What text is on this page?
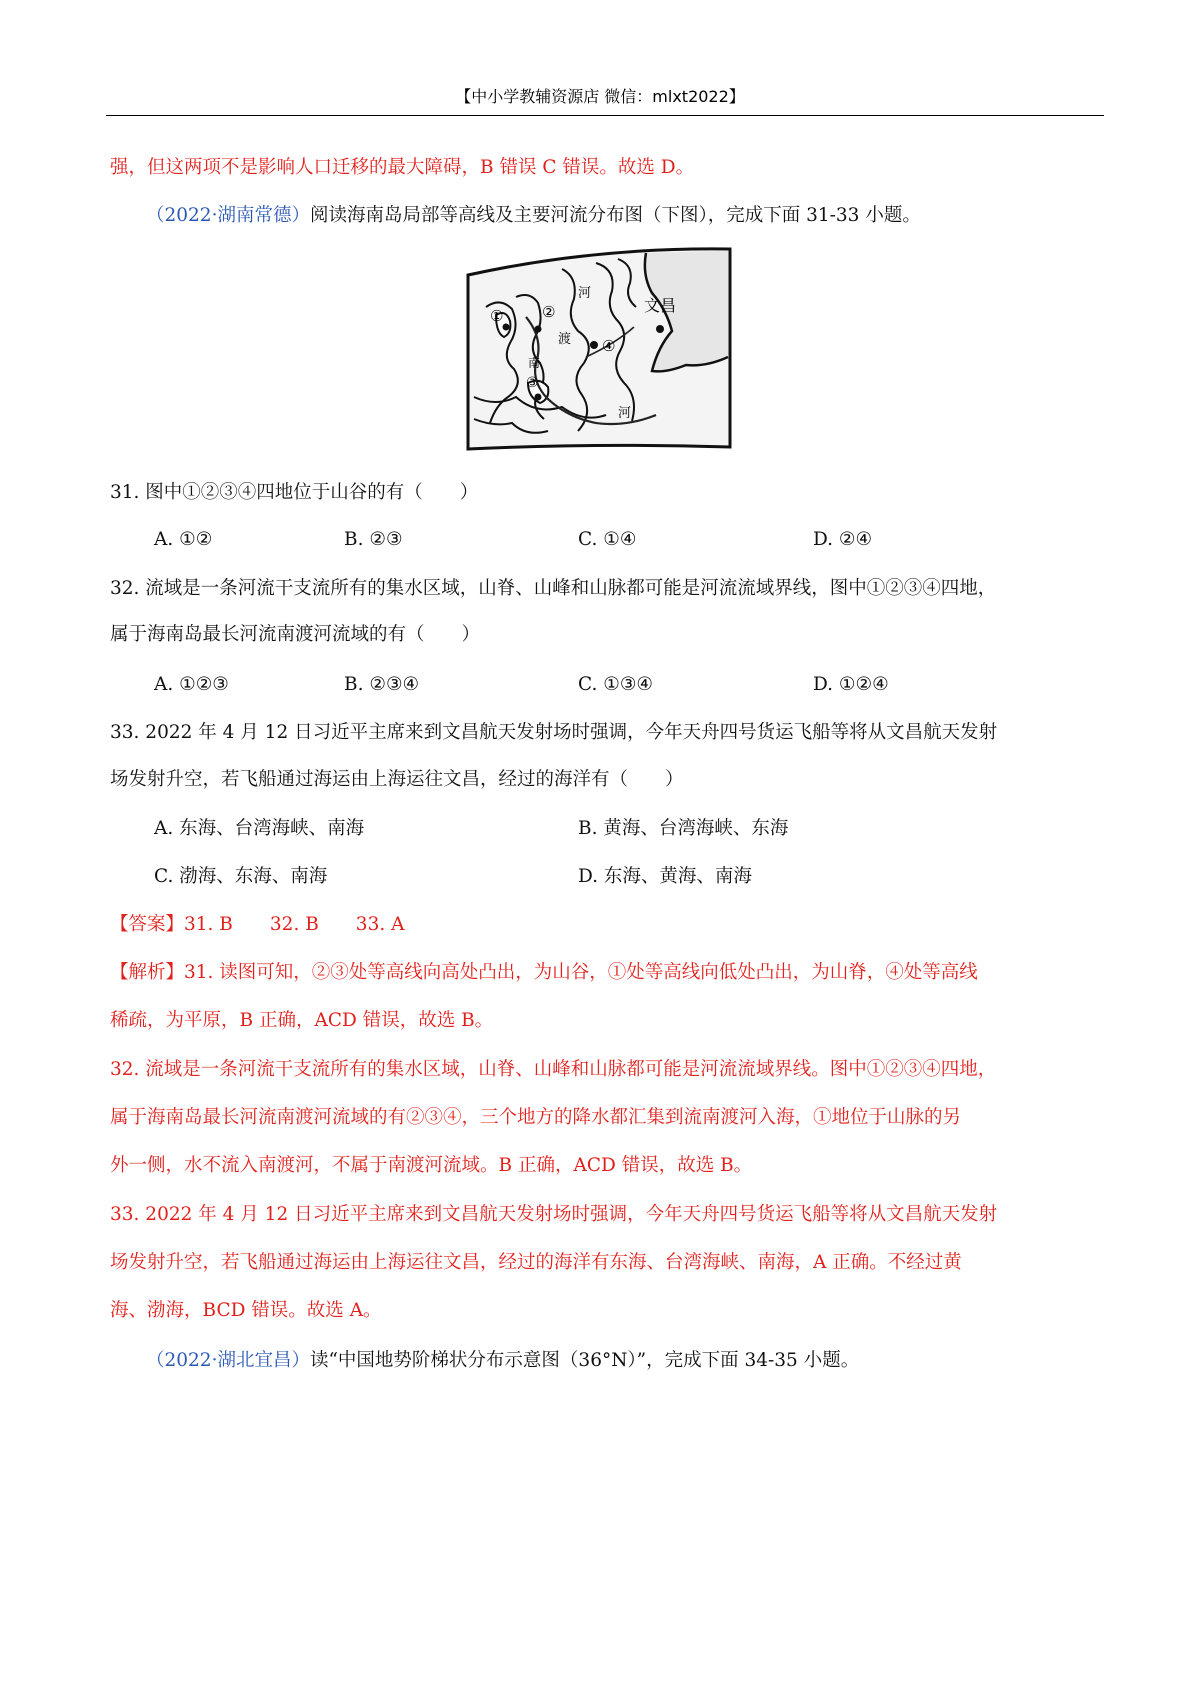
【中小学教辅资源店 微信：mlxt2022】
强，但这两项不是影响人口迁移的最大障碍，B 错误 C 错误。故选 D。
（2022·湖南常德）阅读海南岛局部等高线及主要河流分布图（下图），完成下面 31-33 小题。
①	②
③
④
文昌
河
渡
南
河
31. 图中①②③④四地位于山谷的有（　　）
A. ①②	B. ②③	C. ①④	D. ②④
32. 流域是一条河流干支流所有的集水区域，山脊、山峰和山脉都可能是河流流域界线，图中①②③④四地，
属于海南岛最长河流南渡河流域的有（　　）
A. ①②③	B. ②③④	C. ①③④	D. ①②④
33. 2022 年 4 月 12 日习近平主席来到文昌航天发射场时强调，今年天舟四号货运飞船等将从文昌航天发射
场发射升空，若飞船通过海运由上海运往文昌，经过的海洋有（　　）
A. 东海、台湾海峡、南海	B. 黄海、台湾海峡、东海
C. 渤海、东海、南海	D. 东海、黄海、南海
【答案】31. B　　32. B　　33. A
【解析】31. 读图可知，②③处等高线向高处凸出，为山谷，①处等高线向低处凸出，为山脊，④处等高线
稀疏，为平原，B 正确，ACD 错误，故选 B。
32. 流域是一条河流干支流所有的集水区域，山脊、山峰和山脉都可能是河流流域界线。图中①②③④四地，
属于海南岛最长河流南渡河流域的有②③④，三个地方的降水都汇集到流南渡河入海，①地位于山脉的另
外一侧，水不流入南渡河，不属于南渡河流域。B 正确，ACD 错误，故选 B。
33. 2022 年 4 月 12 日习近平主席来到文昌航天发射场时强调，今年天舟四号货运飞船等将从文昌航天发射
场发射升空，若飞船通过海运由上海运往文昌，经过的海洋有东海、台湾海峡、南海，A 正确。不经过黄
海、渤海，BCD 错误。故选 A。
（2022·湖北宜昌）读“中国地势阶梯状分布示意图（36°N）”，完成下面 34-35 小题。
